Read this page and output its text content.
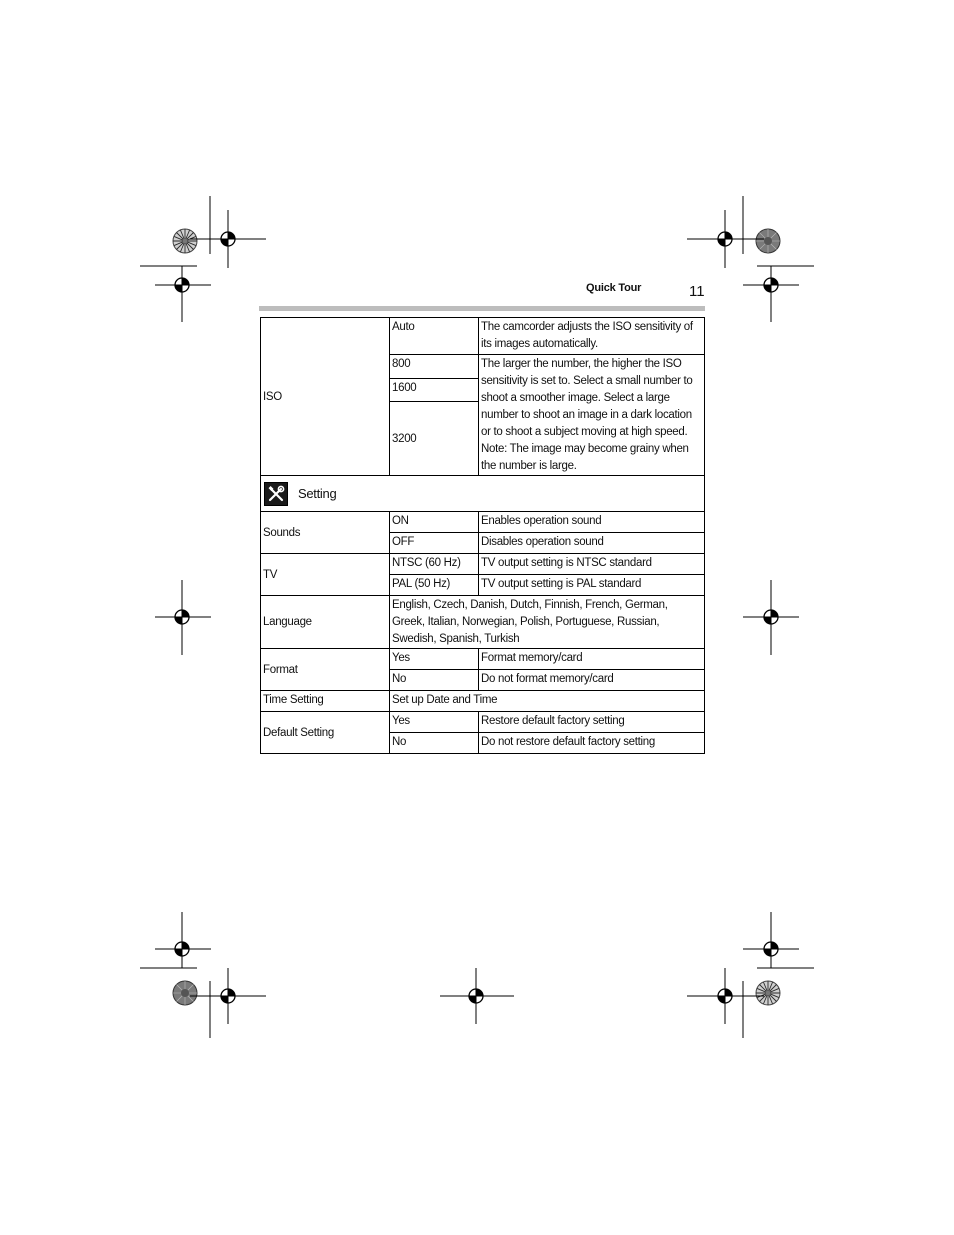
Quick Tour	11
ISO	Auto	The camcorder adjusts the ISO sensitivity of its images automatically.
	800	The larger the number, the higher the ISO sensitivity is set to. Select a small number to shoot a smoother image. Select a large number to shoot an image in a dark location or to shoot a subject moving at high speed. Note: The image may become grainy when the number is large.
	1600	
	3200	

Setting		

Sounds	ON	Enables operation sound
	OFF	Disables operation sound
TV	NTSC (60 Hz)	TV output setting is NTSC standard
	PAL (50 Hz)	TV output setting is PAL standard
Language	English, Czech, Danish, Dutch, Finnish, French, German, Greek, Italian, Norwegian, Polish, Portuguese, Russian, Swedish, Spanish, Turkish	
Format	Yes	Format memory/card
	No	Do not format memory/card
Time Setting	Set up Date and Time	
Default Setting	Yes	Restore default factory setting
	No	Do not restore default factory setting
